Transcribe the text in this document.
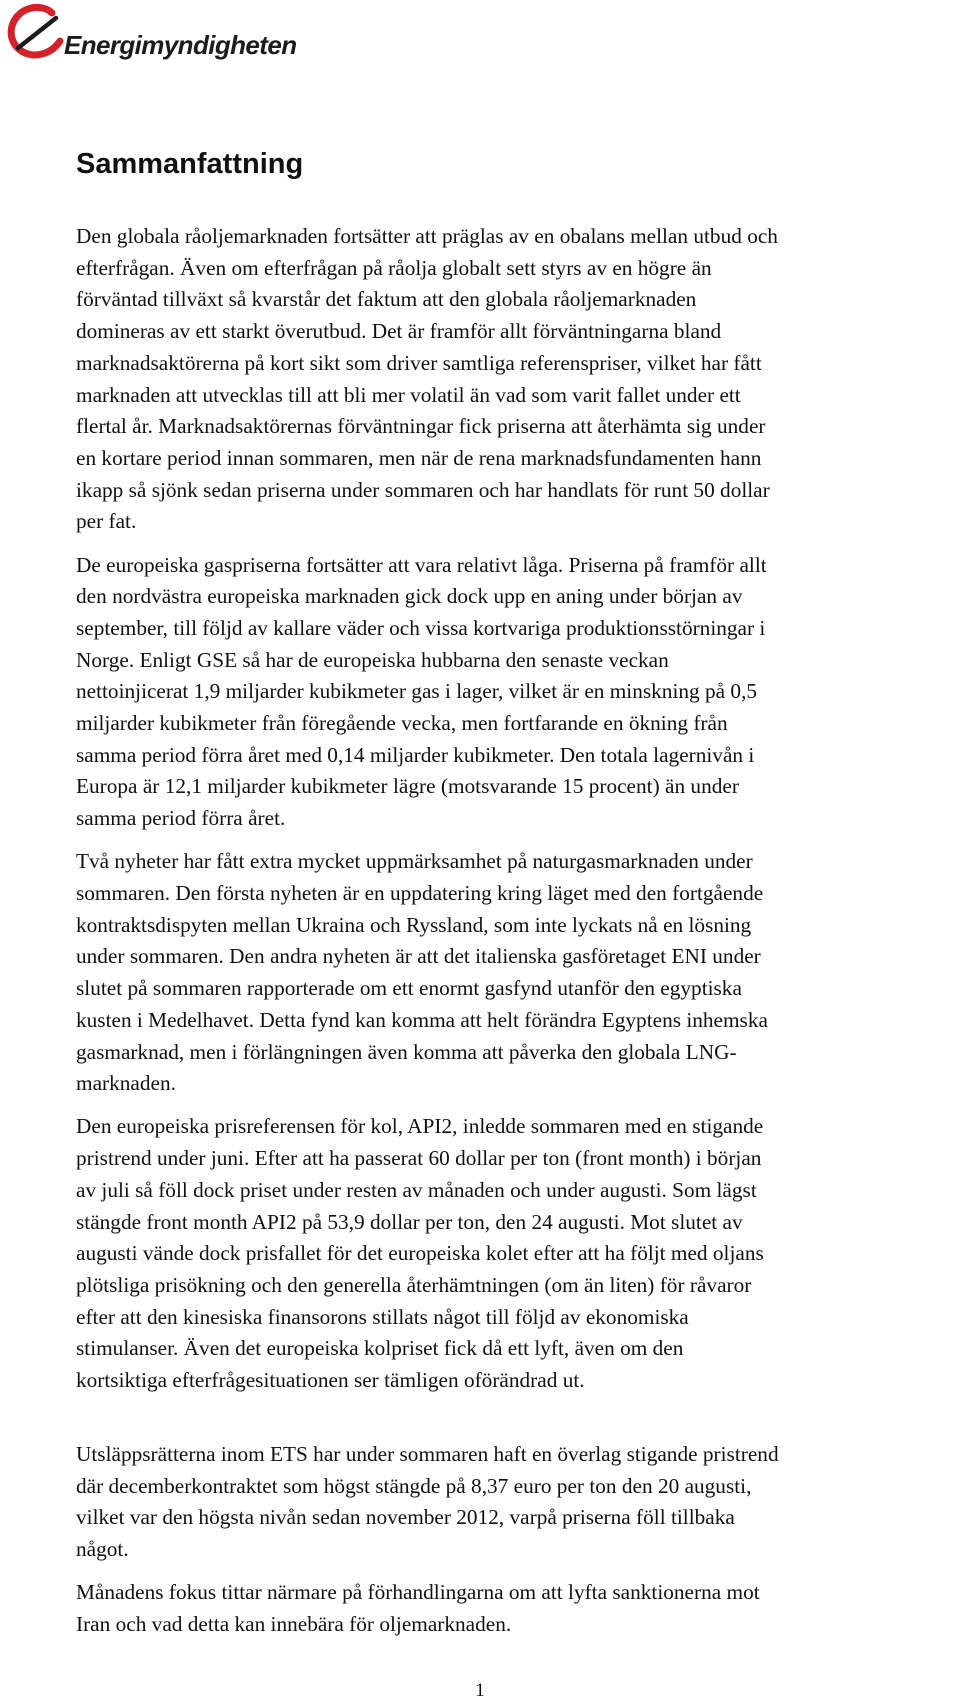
Energimyndigheten
Sammanfattning

Den globala råoljemarknaden fortsätter att präglas av en obalans mellan utbud och
efterfrågan. Även om efterfrågan på råolja globalt sett styrs av en högre än
förväntad tillväxt så kvarstår det faktum att den globala råoljemarknaden
domineras av ett starkt överutbud. Det är framför allt förväntningarna bland
marknadsaktörerna på kort sikt som driver samtliga referenspriser, vilket har fått
marknaden att utvecklas till att bli mer volatil än vad som varit fallet under ett
flertal år. Marknadsaktörernas förväntningar fick priserna att återhämta sig under
en kortare period innan sommaren, men när de rena marknadsfundamenten hann
ikapp så sjönk sedan priserna under sommaren och har handlats för runt 50 dollar
per fat.

De europeiska gaspriserna fortsätter att vara relativt låga. Priserna på framför allt
den nordvästra europeiska marknaden gick dock upp en aning under början av
september, till följd av kallare väder och vissa kortvariga produktionsstörningar i
Norge. Enligt GSE så har de europeiska hubbarna den senaste veckan
nettoinjicerat 1,9 miljarder kubikmeter gas i lager, vilket är en minskning på 0,5
miljarder kubikmeter från föregående vecka, men fortfarande en ökning från
samma period förra året med 0,14 miljarder kubikmeter. Den totala lagernivån i
Europa är 12,1 miljarder kubikmeter lägre (motsvarande 15 procent) än under
samma period förra året.

Två nyheter har fått extra mycket uppmärksamhet på naturgasmarknaden under
sommaren. Den första nyheten är en uppdatering kring läget med den fortgående
kontraktsdispyten mellan Ukraina och Ryssland, som inte lyckats nå en lösning
under sommaren. Den andra nyheten är att det italienska gasföretaget ENI under
slutet på sommaren rapporterade om ett enormt gasfynd utanför den egyptiska
kusten i Medelhavet. Detta fynd kan komma att helt förändra Egyptens inhemska
gasmarknad, men i förlängningen även komma att påverka den globala LNG-
marknaden.

Den europeiska prisreferensen för kol, API2, inledde sommaren med en stigande
pristrend under juni. Efter att ha passerat 60 dollar per ton (front month) i början
av juli så föll dock priset under resten av månaden och under augusti. Som lägst
stängde front month API2 på 53,9 dollar per ton, den 24 augusti. Mot slutet av
augusti vände dock prisfallet för det europeiska kolet efter att ha följt med oljans
plötsliga prisökning och den generella återhämtningen (om än liten) för råvaror
efter att den kinesiska finansorons stillats något till följd av ekonomiska
stimulanser. Även det europeiska kolpriset fick då ett lyft, även om den
kortsiktiga efterfrågesituationen ser tämligen oförändrad ut.

Utsläppsrätterna inom ETS har under sommaren haft en överlag stigande pristrend
där decemberkontraktet som högst stängde på 8,37 euro per ton den 20 augusti,
vilket var den högsta nivån sedan november 2012, varpå priserna föll tillbaka
något.

Månadens fokus tittar närmare på förhandlingarna om att lyfta sanktionerna mot
Iran och vad detta kan innebära för oljemarknaden.

1
